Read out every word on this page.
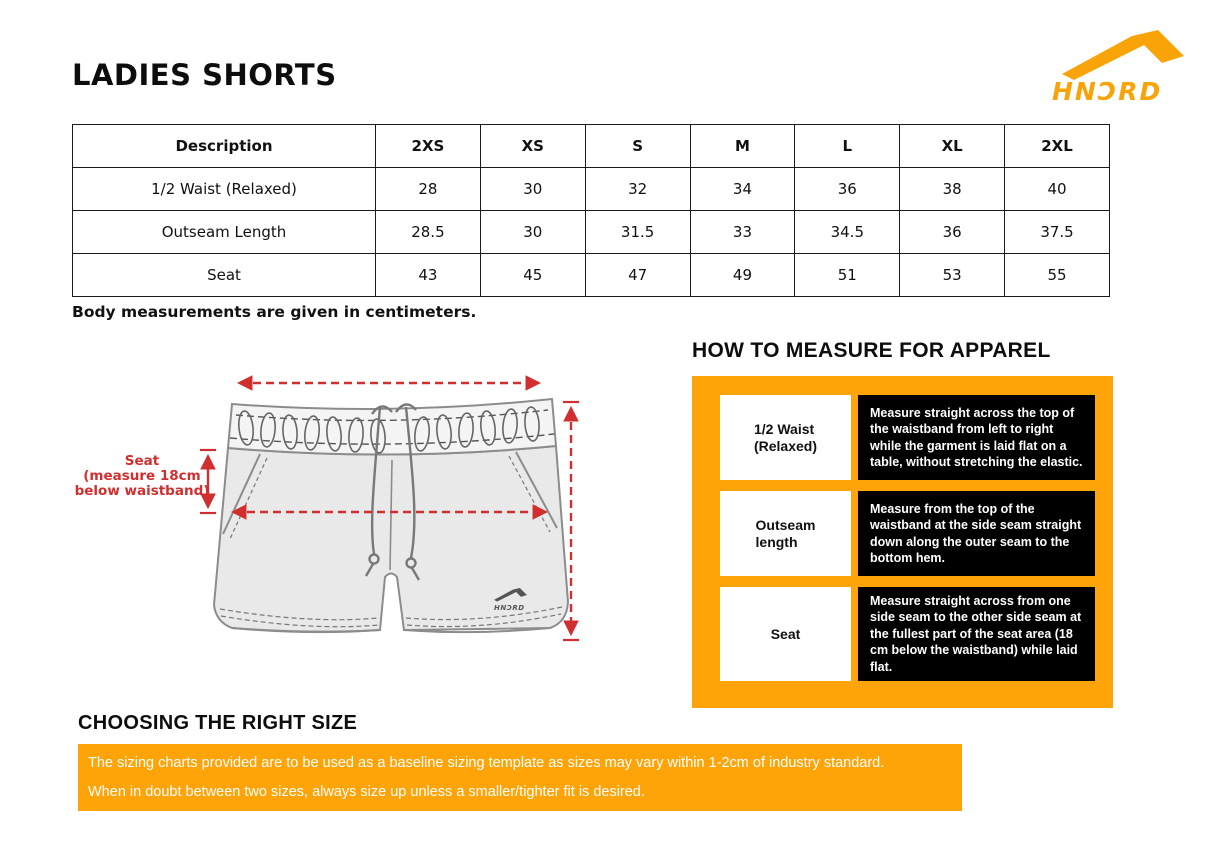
LADIES SHORTS	HNƆRD
Description	2XS	XS	S	M	L	XL	2XL
1/2 Waist (Relaxed)	28	30	32	34	36	38	40
Outseam Length	28.5	30	31.5	33	34.5	36	37.5
Seat	43	45	47	49	51	53	55
Body measurements are given in centimeters.
HNƆRD
Seat
(measure 18cm
below waistband)
HOW TO MEASURE FOR APPAREL
1/2 Waist
(Relaxed)
Measure straight across the top of the waistband from left to right while the garment is laid flat on a table, without stretching the elastic.
Outseam
length
Measure from the top of the waistband at the side seam straight down along the outer seam to the bottom hem.
Seat
Measure straight across from one side seam to the other side seam at the fullest part of the seat area (18 cm below the waistband) while laid flat.
CHOOSING THE RIGHT SIZE
The sizing charts provided are to be used as a baseline sizing template as sizes may vary within 1-2cm of industry standard.
When in doubt between two sizes, always size up unless a smaller/tighter fit is desired.
